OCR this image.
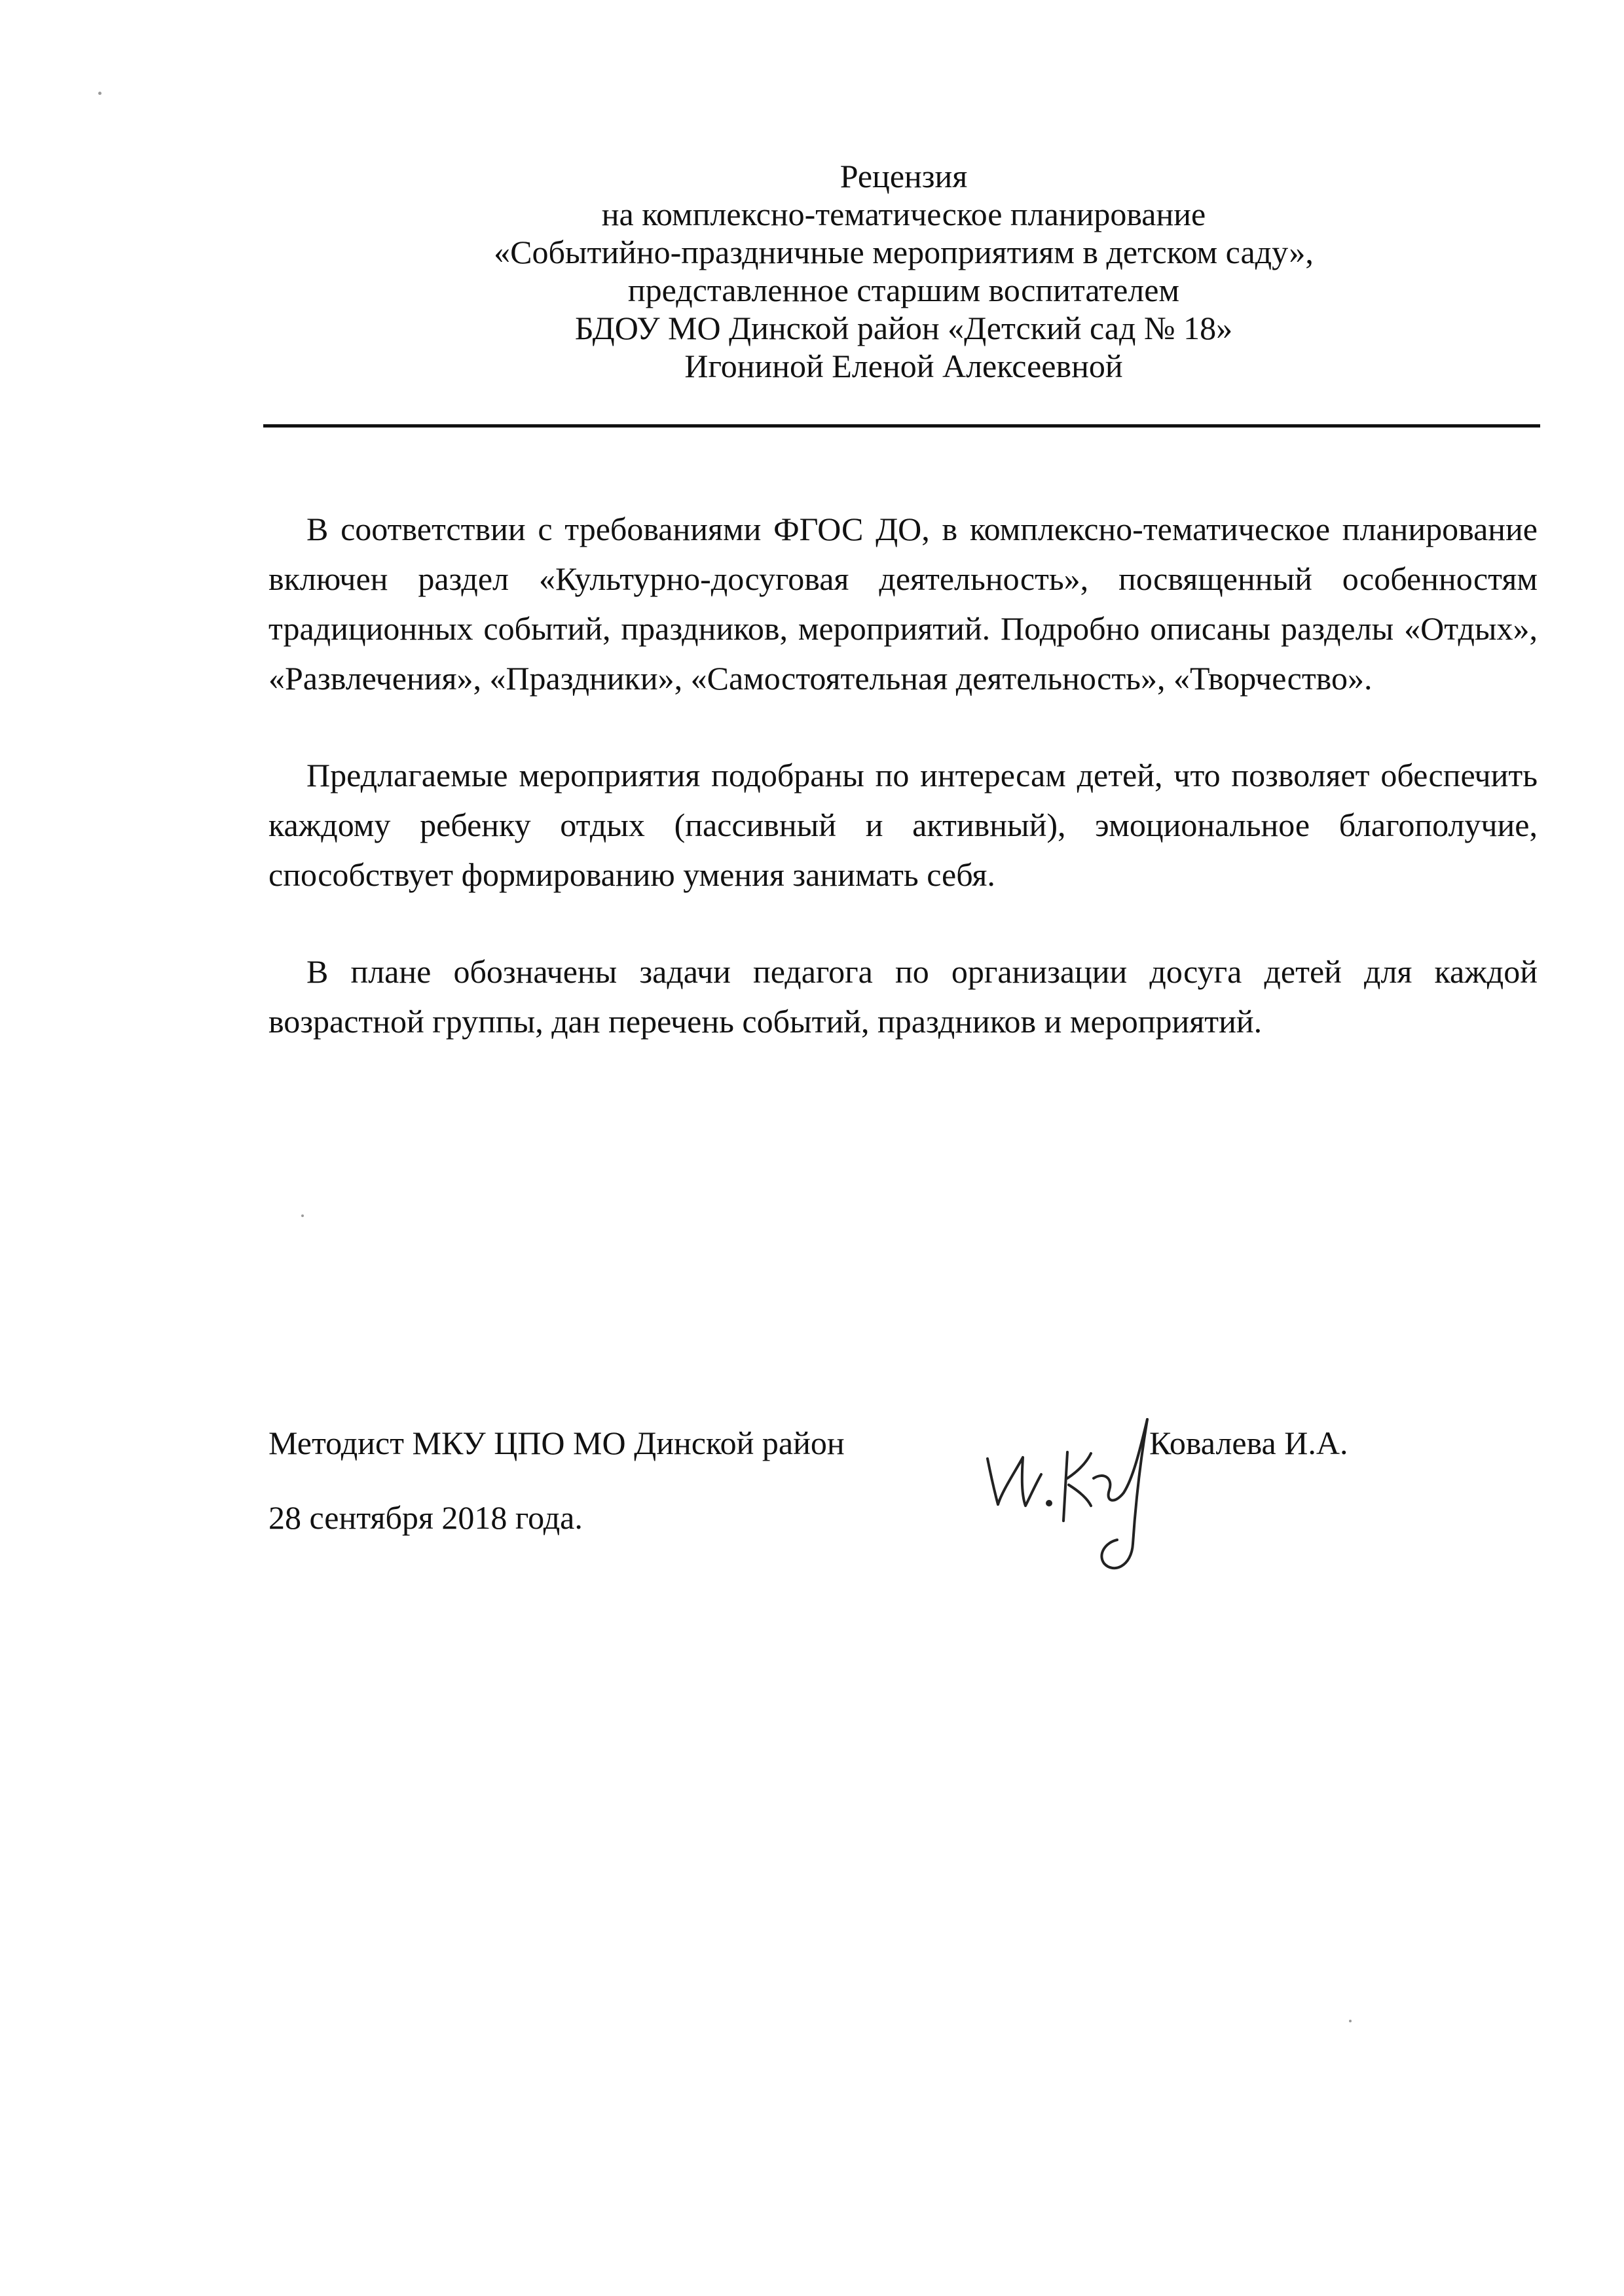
Рецензия
на комплексно-тематическое планирование
«Событийно-праздничные мероприятиям в детском саду»,
представленное старшим воспитателем
БДОУ МО Динской район «Детский сад № 18»
Игониной Еленой Алексеевной

В соответствии с требованиями ФГОС ДО, в комплексно-тематическое планирование включен раздел «Культурно-досуговая деятельность», посвященный особенностям традиционных событий, праздников, мероприятий. Подробно описаны разделы «Отдых», «Развлечения», «Праздники», «Самостоятельная деятельность», «Творчество».

Предлагаемые мероприятия подобраны по интересам детей, что позволяет обеспечить каждому ребенку отдых (пассивный и активный), эмоциональное благополучие, способствует формированию умения занимать себя.

В плане обозначены задачи педагога по организации досуга детей для каждой возрастной группы, дан перечень событий, праздников и мероприятий.

Методист МКУ ЦПО МО Динской район	Ковалева И.А.
28 сентября 2018 года.
